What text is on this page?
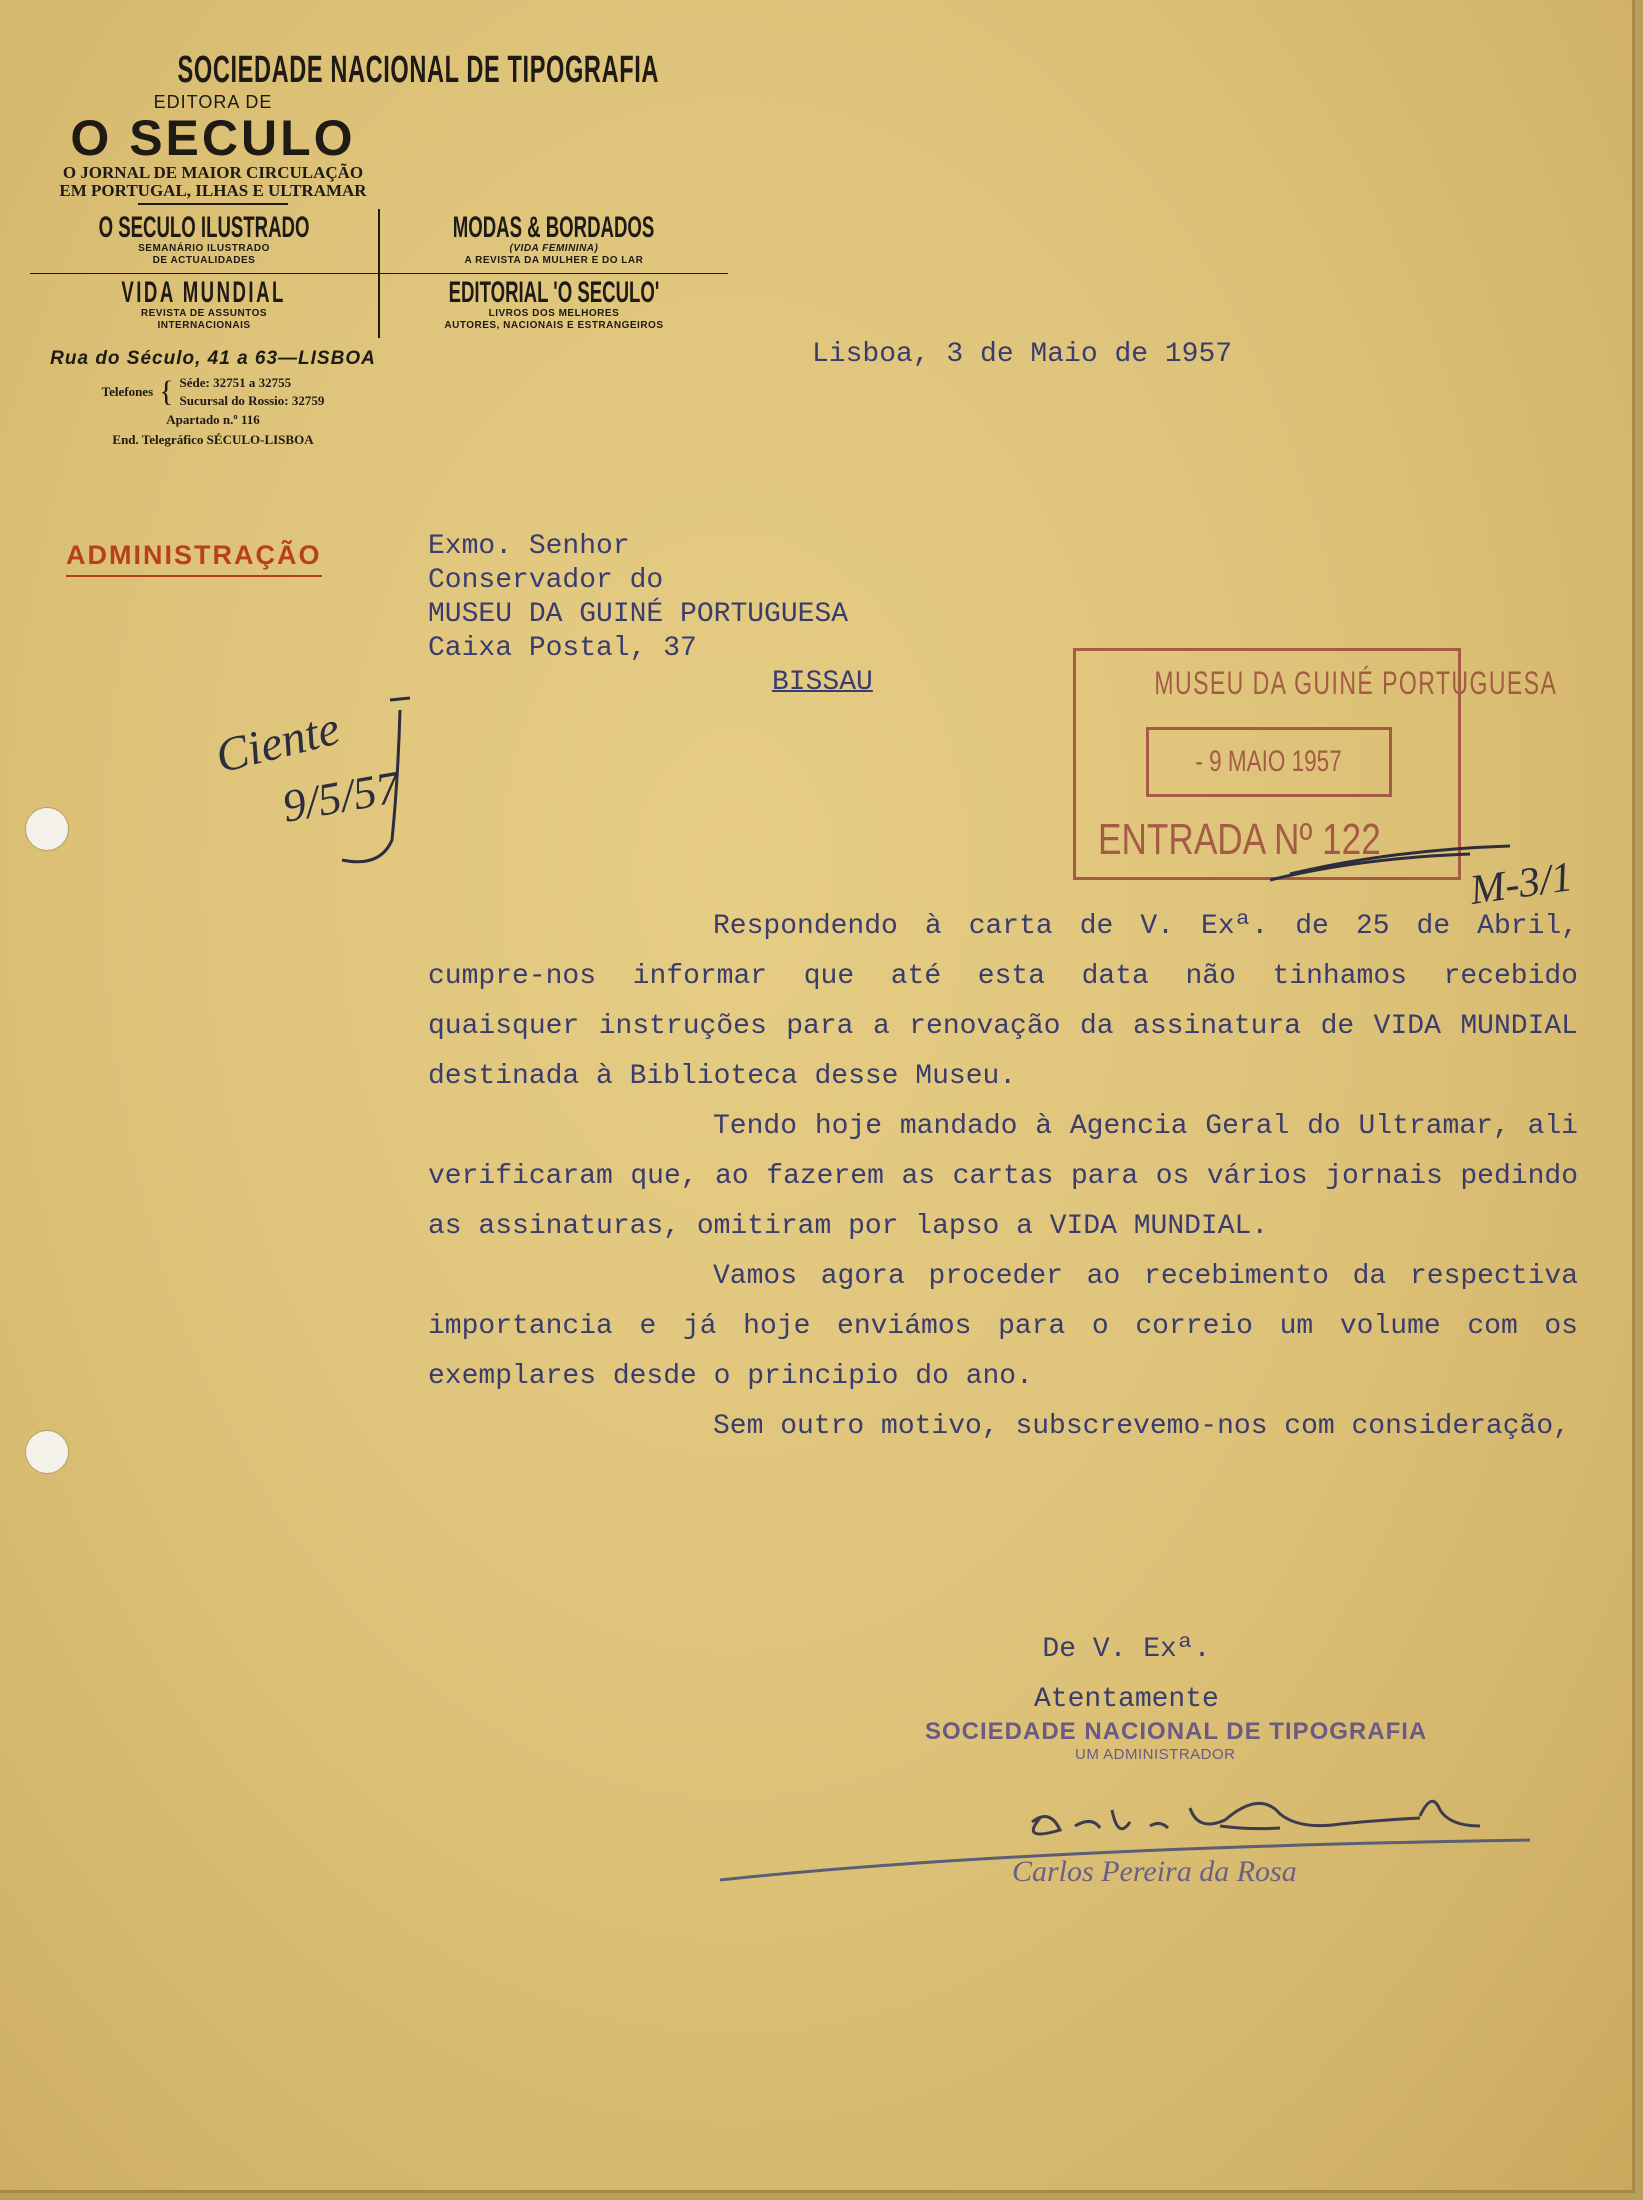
SOCIEDADE NACIONAL DE TIPOGRAFIA
EDITORA DE
O SECULO
O JORNAL DE MAIOR CIRCULAÇÃO
EM PORTUGAL, ILHAS E ULTRAMAR
O SECULO ILUSTRADO
SEMANÁRIO ILUSTRADO
DE ACTUALIDADES
MODAS & BORDADOS
(VIDA FEMININA)
A REVISTA DA MULHER E DO LAR
VIDA MUNDIAL
REVISTA DE ASSUNTOS
INTERNACIONAIS
EDITORIAL 'O SECULO'
LIVROS DOS MELHORES
AUTORES, NACIONAIS E ESTRANGEIROS
Rua do Século, 41 a 63—LISBOA
Telefones { Séde: 32751 a 32755
Sucursal do Rossio: 32759
Apartado n.º 116
End. Telegráfico SÉCULO-LISBOA
ADMINISTRAÇÃO
Lisboa, 3 de Maio de 1957
Exmo. Senhor
Conservador do
MUSEU DA GUINÉ PORTUGUESA
Caixa Postal, 37
BISSAU	MUSEU DA GUINÉ PORTUGUESA
- 9 MAIO 1957
ENTRADA Nº 122
Ciente
9/5/57
M-3/1

Respondendo à carta de V. Exª. de 25 de Abril, cumpre-nos informar que até esta data não tinhamos recebido quaisquer instruções para a renovação da assinatura de VIDA MUNDIAL destinada à Biblioteca desse Museu.

Tendo hoje mandado à Agencia Geral do Ultramar, ali verificaram que, ao fazerem as cartas para os vários jornais pedindo as assinaturas, omitiram por lapso a VIDA MUNDIAL.

Vamos agora proceder ao recebimento da respectiva importancia e já hoje enviámos para o correio um volume com os exemplares desde o principio do ano.

Sem outro motivo, subscrevemo-nos com consideração,

De V. Exª.
Atentamente
SOCIEDADE NACIONAL DE TIPOGRAFIA
UM ADMINISTRADOR
Carlos Pereira da Rosa
